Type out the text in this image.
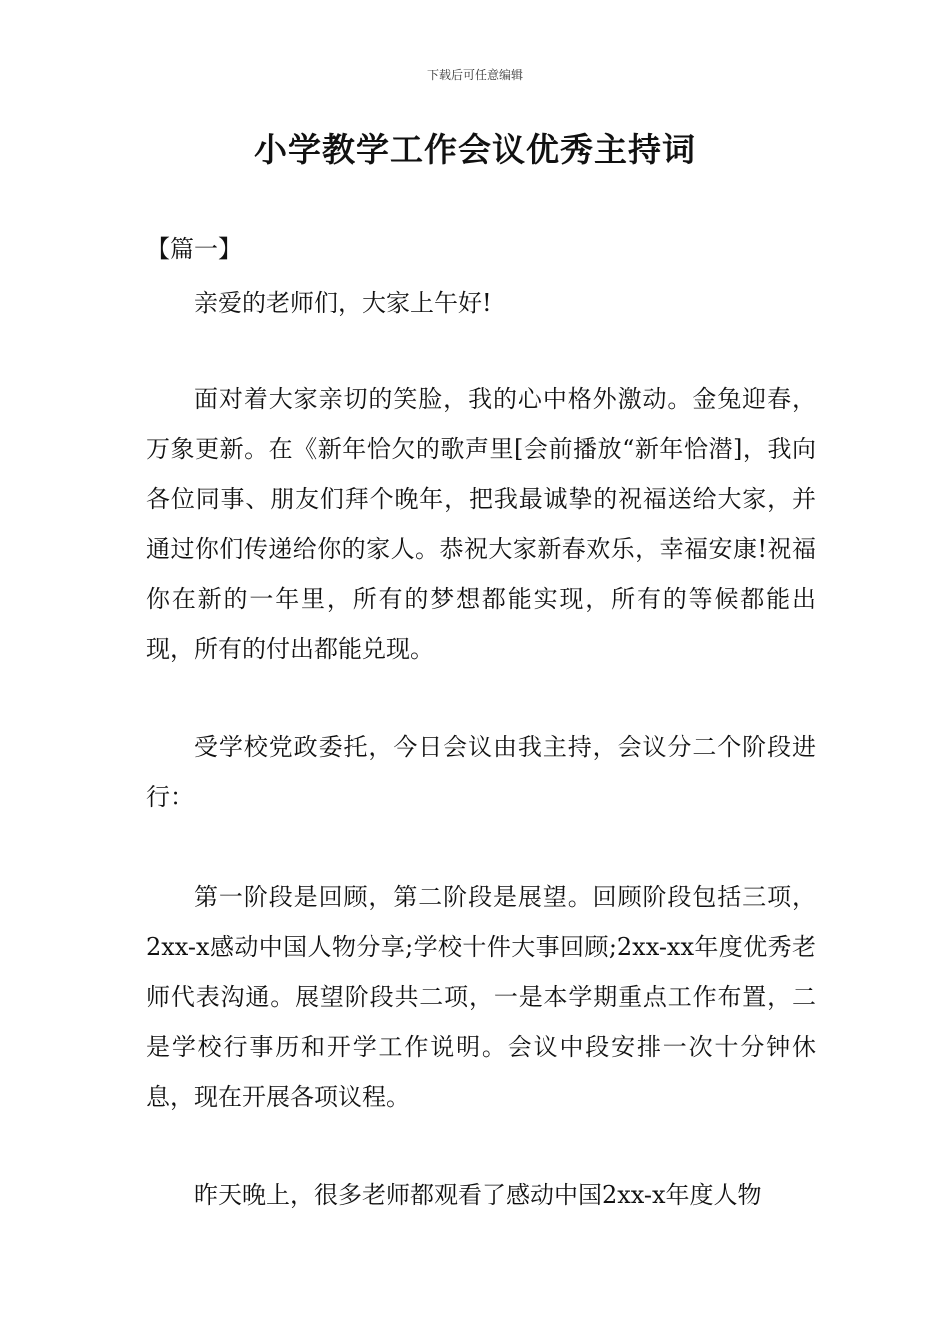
下载后可任意编辑
小学教学工作会议优秀主持词
【篇一】

亲爱的老师们，大家上午好!

面对着大家亲切的笑脸，我的心中格外激动。金兔迎春，万象更新。在《新年恰欠的歌声里[会前播放“新年恰潜]，我向各位同事、朋友们拜个晚年，把我最诚挚的祝福送给大家，并通过你们传递给你的家人。恭祝大家新春欢乐，幸福安康!祝福你在新的一年里，所有的梦想都能实现，所有的等候都能出现，所有的付出都能兑现。

受学校党政委托，今日会议由我主持，会议分二个阶段进行：

第一阶段是回顾，第二阶段是展望。回顾阶段包括三项，2xx-x感动中国人物分享;学校十件大事回顾;2xx-xx年度优秀老师代表沟通。展望阶段共二项，一是本学期重点工作布置，二是学校行事历和开学工作说明。会议中段安排一次十分钟休息，现在开展各项议程。

昨天晚上，很多老师都观看了感动中国2xx-x年度人物
